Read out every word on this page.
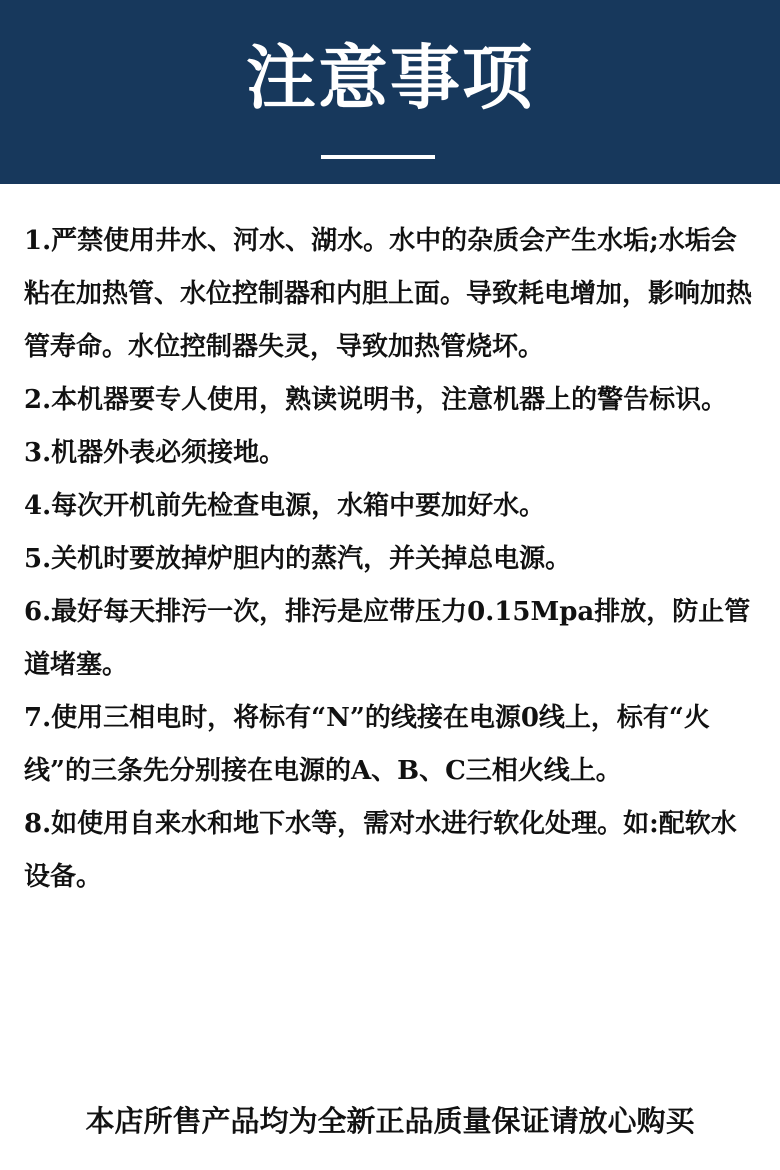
注意事项

1.严禁使用井水、河水、湖水。水中的杂质会产生水垢;水垢会粘在加热管、水位控制器和内胆上面。导致耗电增加，影响加热管寿命。水位控制器失灵，导致加热管烧坏。

2.本机器要专人使用，熟读说明书，注意机器上的警告标识。

3.机器外表必须接地。

4.每次开机前先检查电源，水箱中要加好水。

5.关机时要放掉炉胆内的蒸汽，并关掉总电源。

6.最好每天排污一次，排污是应带压力0.15Mpa排放，防止管道堵塞。

7.使用三相电时，将标有“N”的线接在电源0线上，标有“火线”的三条先分别接在电源的A、B、C三相火线上。

8.如使用自来水和地下水等，需对水进行软化处理。如:配软水设备。

本店所售产品均为全新正品质量保证请放心购买
